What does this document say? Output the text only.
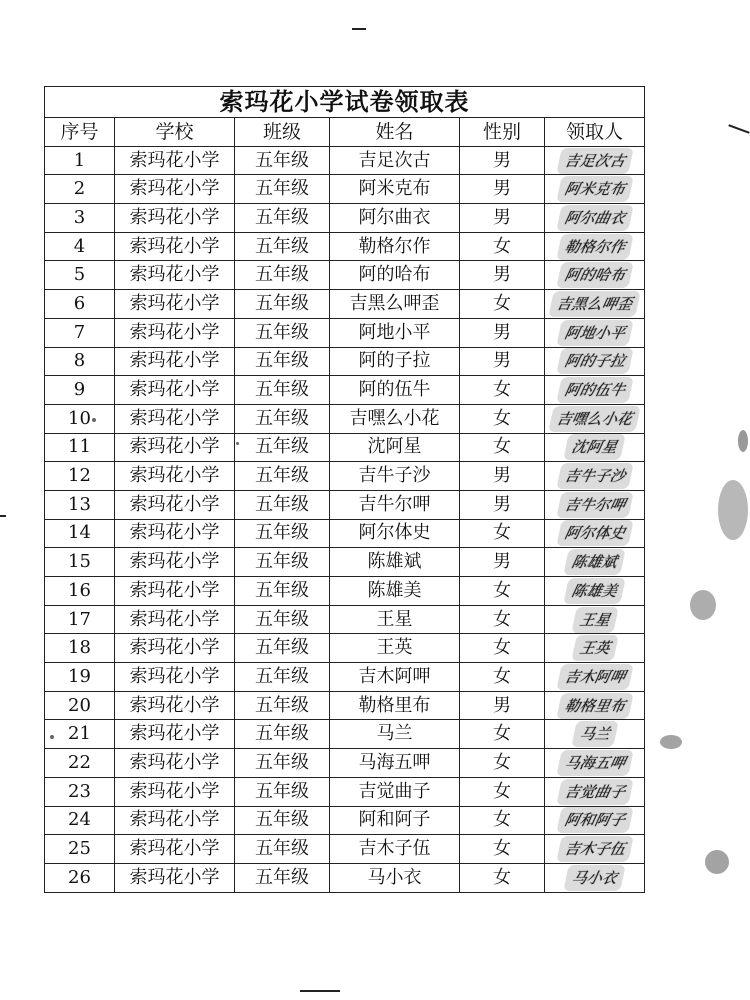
索玛花小学试卷领取表					
序号	学校	班级	姓名	性别	领取人
1	索玛花小学	五年级	吉足次古	男	吉足次古
2	索玛花小学	五年级	阿米克布	男	阿米克布
3	索玛花小学	五年级	阿尔曲衣	男	阿尔曲衣
4	索玛花小学	五年级	勒格尔作	女	勒格尔作
5	索玛花小学	五年级	阿的哈布	男	阿的哈布
6	索玛花小学	五年级	吉黑么呷歪	女	吉黑么呷歪
7	索玛花小学	五年级	阿地小平	男	阿地小平
8	索玛花小学	五年级	阿的子拉	男	阿的子拉
9	索玛花小学	五年级	阿的伍牛	女	阿的伍牛
10	索玛花小学	五年级	吉嘿么小花	女	吉嘿么小花
11	索玛花小学	五年级	沈阿星	女	沈阿星
12	索玛花小学	五年级	吉牛子沙	男	吉牛子沙
13	索玛花小学	五年级	吉牛尔呷	男	吉牛尔呷
14	索玛花小学	五年级	阿尔体史	女	阿尔体史
15	索玛花小学	五年级	陈雄斌	男	陈雄斌
16	索玛花小学	五年级	陈雄美	女	陈雄美
17	索玛花小学	五年级	王星	女	王星
18	索玛花小学	五年级	王英	女	王英
19	索玛花小学	五年级	吉木阿呷	女	吉木阿呷
20	索玛花小学	五年级	勒格里布	男	勒格里布
21	索玛花小学	五年级	马兰	女	马兰
22	索玛花小学	五年级	马海五呷	女	马海五呷
23	索玛花小学	五年级	吉觉曲子	女	吉觉曲子
24	索玛花小学	五年级	阿和阿子	女	阿和阿子
25	索玛花小学	五年级	吉木子伍	女	吉木子伍
26	索玛花小学	五年级	马小衣	女	马小衣
